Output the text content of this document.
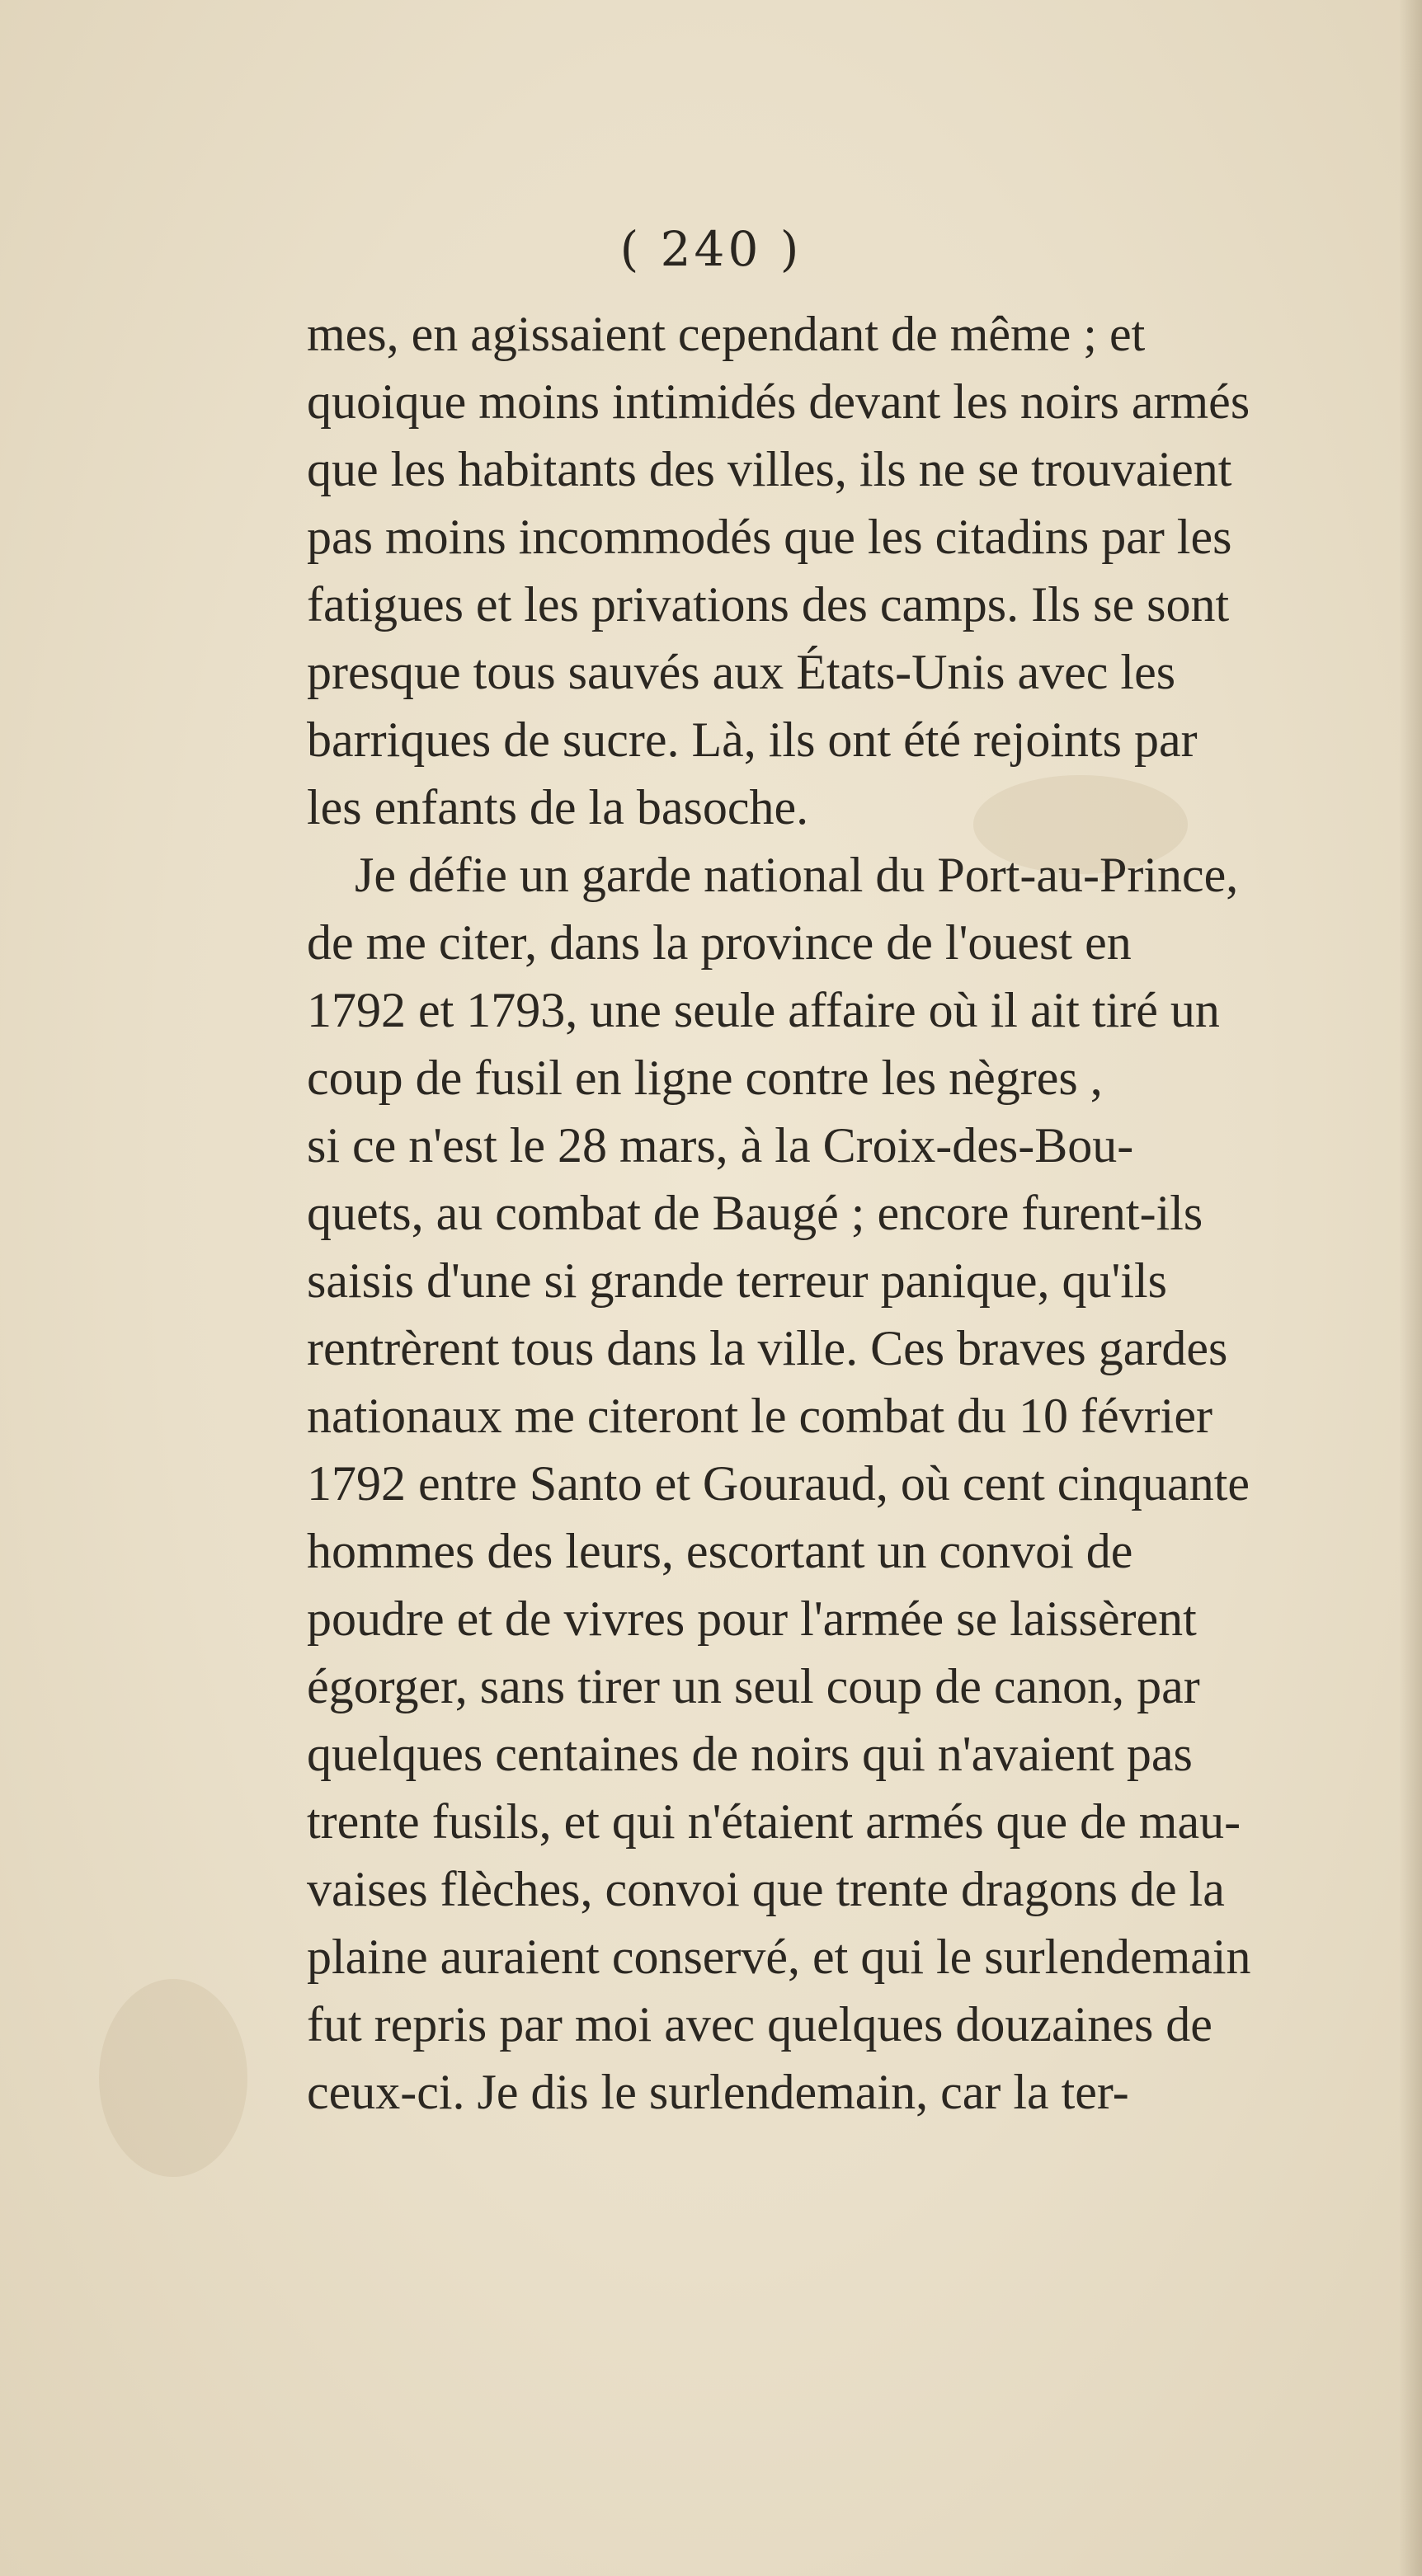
( 240 )
mes, en agissaient cependant de même ; et
quoique moins intimidés devant les noirs armés
que les habitants des villes, ils ne se trouvaient
pas moins incommodés que les citadins par les
fatigues et les privations des camps. Ils se sont
presque tous sauvés aux États-Unis avec les
barriques de sucre. Là, ils ont été rejoints par
les enfants de la basoche.
Je défie un garde national du Port-au-Prince,
de me citer, dans la province de l'ouest en
1792 et 1793, une seule affaire où il ait tiré un
coup de fusil en ligne contre les nègres ,
si ce n'est le 28 mars, à la Croix-des-Bou-
quets, au combat de Baugé ; encore furent-ils
saisis d'une si grande terreur panique, qu'ils
rentrèrent tous dans la ville. Ces braves gardes
nationaux me citeront le combat du 10 février
1792 entre Santo et Gouraud, où cent cinquante
hommes des leurs, escortant un convoi de
poudre et de vivres pour l'armée se laissèrent
égorger, sans tirer un seul coup de canon, par
quelques centaines de noirs qui n'avaient pas
trente fusils, et qui n'étaient armés que de mau-
vaises flèches, convoi que trente dragons de la
plaine auraient conservé, et qui le surlendemain
fut repris par moi avec quelques douzaines de
ceux-ci. Je dis le surlendemain, car la ter-
